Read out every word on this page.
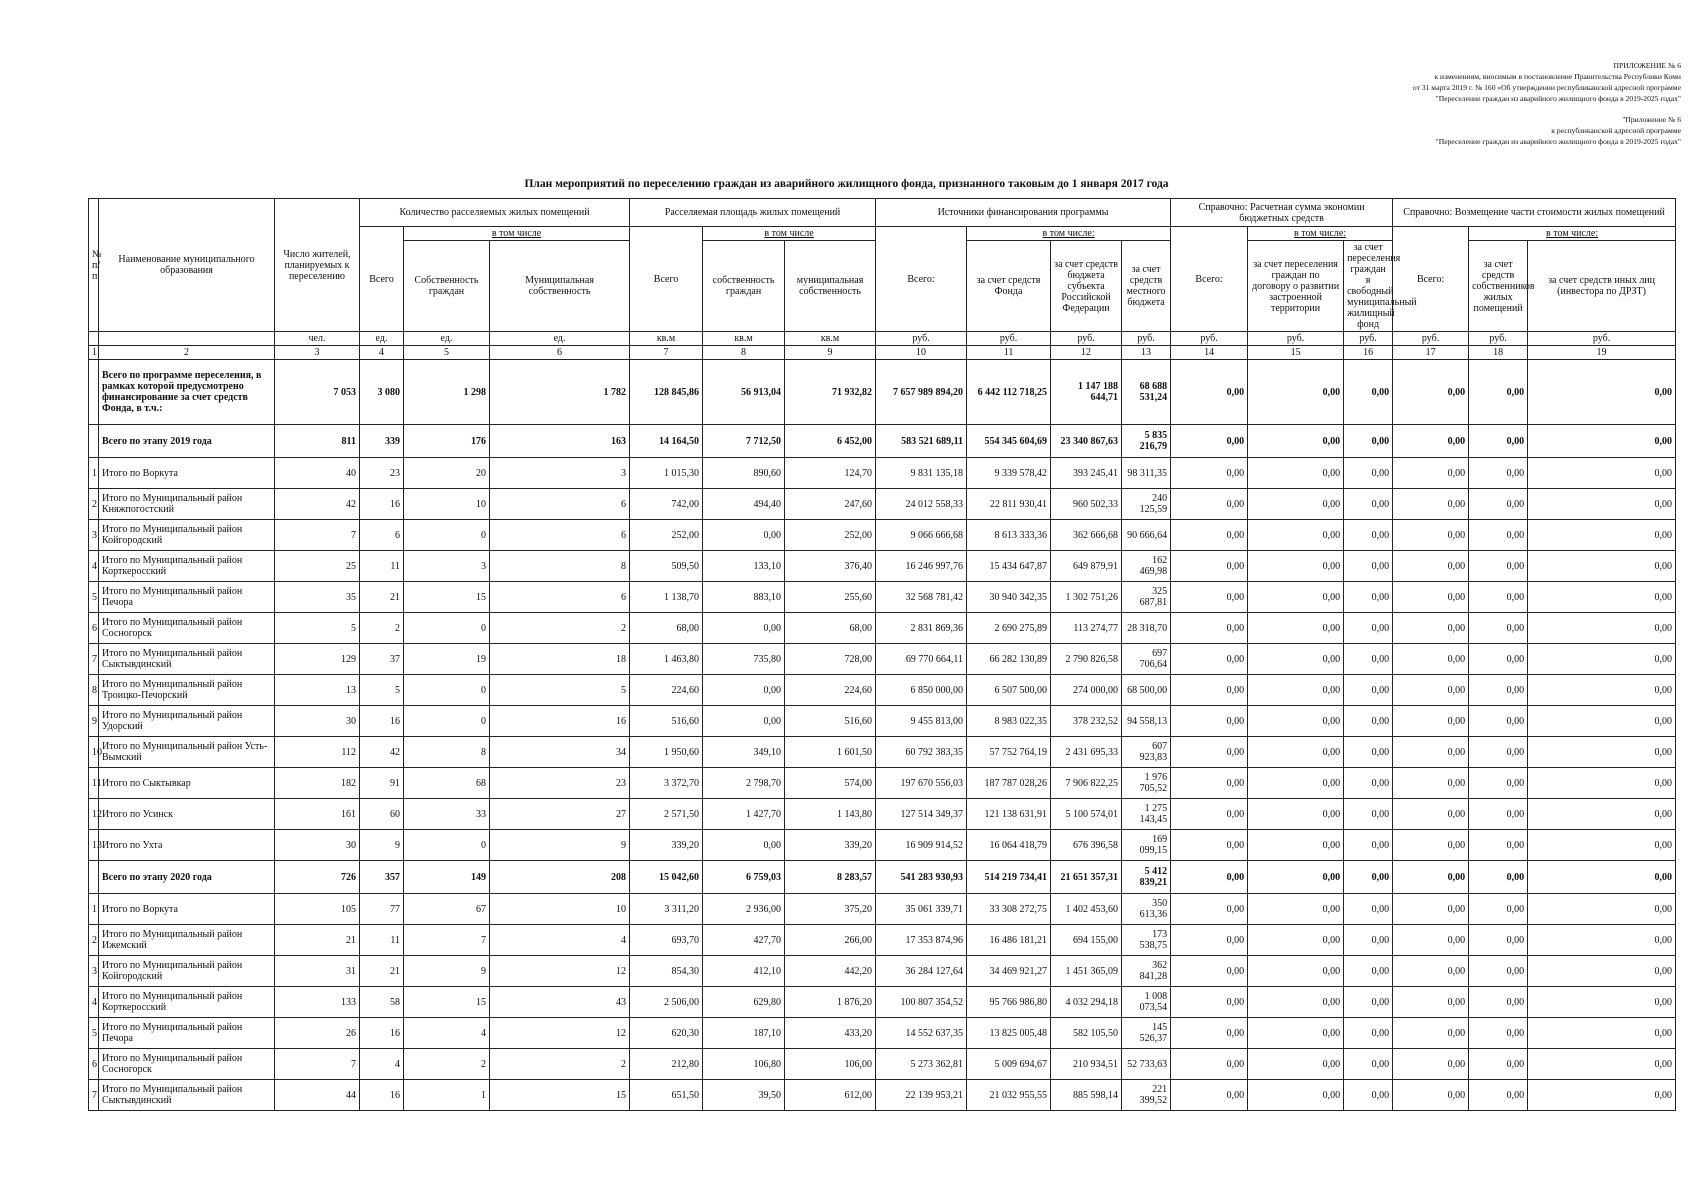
ПРИЛОЖЕНИЕ № 6

к изменениям, вносимым в постановление Правительства Республики Коми

от 31 марта 2019 г. № 160 «Об утверждении республиканской адресной программе

"Переселение граждан из аварийного жилищного фонда в 2019-2025 годах"

"Приложение № 6

к республиканской адресной программе

"Переселение граждан из аварийного жилищного фонда в 2019-2025 годах"

План мероприятий по переселению граждан из аварийного жилищного фонда, признанного таковым до 1 января 2017 года
№ п/ п	Наименование муниципального образования	Число жителей, планируемых к переселению	Количество расселяемых жилых помещений			Расселяемая площадь жилых помещений			Источники финансирования программы				Справочно: Расчетная сумма экономии бюджетных средств			Справочно: Возмещение части стоимости жилых помещений		
			Всего	в том числе		Всего	в том числе		Всего:	в том числе:			Всего:	в том числе:		Всего:	в том числе:	
				Собственность граждан	Муниципальная собственность		собственность граждан	муниципальная собственность		за счет средств Фонда	за счет средств бюджета субъекта Российской Федерации	за счет средств местного бюджета		за счет переселения граждан по договору о развитии застроенной территории	за счет переселения граждан в свободный муниципальный жилищный фонд		за счет средств собственников жилых помещений	за счет средств иных лиц (инвестора по ДРЗТ)
		чел.	ед.	ед.	ед.	кв.м	кв.м	кв.м	руб.	руб.	руб.	руб.	руб.	руб.	руб.	руб.	руб.	руб.
1	2	3	4	5	6	7	8	9	10	11	12	13	14	15	16	17	18	19
	Всего по программе переселения, в рамках которой предусмотрено финансирование за счет средств Фонда, в т.ч.:	7 053	3 080	1 298	1 782	128 845,86	56 913,04	71 932,82	7 657 989 894,20	6 442 112 718,25	1 147 188 644,71	68 688 531,24	0,00	0,00	0,00	0,00	0,00	0,00
	Всего по этапу 2019 года	811	339	176	163	14 164,50	7 712,50	6 452,00	583 521 689,11	554 345 604,69	23 340 867,63	5 835 216,79	0,00	0,00	0,00	0,00	0,00	0,00
1	Итого по Воркута	40	23	20	3	1 015,30	890,60	124,70	9 831 135,18	9 339 578,42	393 245,41	98 311,35	0,00	0,00	0,00	0,00	0,00	0,00
2	Итого по Муниципальный район Княжпогостский	42	16	10	6	742,00	494,40	247,60	24 012 558,33	22 811 930,41	960 502,33	240 125,59	0,00	0,00	0,00	0,00	0,00	0,00
3	Итого по Муниципальный район Койгородский	7	6	0	6	252,00	0,00	252,00	9 066 666,68	8 613 333,36	362 666,68	90 666,64	0,00	0,00	0,00	0,00	0,00	0,00
4	Итого по Муниципальный район Корткеросский	25	11	3	8	509,50	133,10	376,40	16 246 997,76	15 434 647,87	649 879,91	162 469,98	0,00	0,00	0,00	0,00	0,00	0,00
5	Итого по Муниципальный район Печора	35	21	15	6	1 138,70	883,10	255,60	32 568 781,42	30 940 342,35	1 302 751,26	325 687,81	0,00	0,00	0,00	0,00	0,00	0,00
6	Итого по Муниципальный район Сосногорск	5	2	0	2	68,00	0,00	68,00	2 831 869,36	2 690 275,89	113 274,77	28 318,70	0,00	0,00	0,00	0,00	0,00	0,00
7	Итого по Муниципальный район Сыктывдинский	129	37	19	18	1 463,80	735,80	728,00	69 770 664,11	66 282 130,89	2 790 826,58	697 706,64	0,00	0,00	0,00	0,00	0,00	0,00
8	Итого по Муниципальный район Троицко-Печорский	13	5	0	5	224,60	0,00	224,60	6 850 000,00	6 507 500,00	274 000,00	68 500,00	0,00	0,00	0,00	0,00	0,00	0,00
9	Итого по Муниципальный район Удорский	30	16	0	16	516,60	0,00	516,60	9 455 813,00	8 983 022,35	378 232,52	94 558,13	0,00	0,00	0,00	0,00	0,00	0,00
10	Итого по Муниципальный район Усть-Вымский	112	42	8	34	1 950,60	349,10	1 601,50	60 792 383,35	57 752 764,19	2 431 695,33	607 923,83	0,00	0,00	0,00	0,00	0,00	0,00
11	Итого по Сыктывкар	182	91	68	23	3 372,70	2 798,70	574,00	197 670 556,03	187 787 028,26	7 906 822,25	1 976 705,52	0,00	0,00	0,00	0,00	0,00	0,00
12	Итого по Усинск	161	60	33	27	2 571,50	1 427,70	1 143,80	127 514 349,37	121 138 631,91	5 100 574,01	1 275 143,45	0,00	0,00	0,00	0,00	0,00	0,00
13	Итого по Ухта	30	9	0	9	339,20	0,00	339,20	16 909 914,52	16 064 418,79	676 396,58	169 099,15	0,00	0,00	0,00	0,00	0,00	0,00
	Всего по этапу 2020 года	726	357	149	208	15 042,60	6 759,03	8 283,57	541 283 930,93	514 219 734,41	21 651 357,31	5 412 839,21	0,00	0,00	0,00	0,00	0,00	0,00
1	Итого по Воркута	105	77	67	10	3 311,20	2 936,00	375,20	35 061 339,71	33 308 272,75	1 402 453,60	350 613,36	0,00	0,00	0,00	0,00	0,00	0,00
2	Итого по Муниципальный район Ижемский	21	11	7	4	693,70	427,70	266,00	17 353 874,96	16 486 181,21	694 155,00	173 538,75	0,00	0,00	0,00	0,00	0,00	0,00
3	Итого по Муниципальный район Койгородский	31	21	9	12	854,30	412,10	442,20	36 284 127,64	34 469 921,27	1 451 365,09	362 841,28	0,00	0,00	0,00	0,00	0,00	0,00
4	Итого по Муниципальный район Корткеросский	133	58	15	43	2 506,00	629,80	1 876,20	100 807 354,52	95 766 986,80	4 032 294,18	1 008 073,54	0,00	0,00	0,00	0,00	0,00	0,00
5	Итого по Муниципальный район Печора	26	16	4	12	620,30	187,10	433,20	14 552 637,35	13 825 005,48	582 105,50	145 526,37	0,00	0,00	0,00	0,00	0,00	0,00
6	Итого по Муниципальный район Сосногорск	7	4	2	2	212,80	106,80	106,00	5 273 362,81	5 009 694,67	210 934,51	52 733,63	0,00	0,00	0,00	0,00	0,00	0,00
7	Итого по Муниципальный район Сыктывдинский	44	16	1	15	651,50	39,50	612,00	22 139 953,21	21 032 955,55	885 598,14	221 399,52	0,00	0,00	0,00	0,00	0,00	0,00
